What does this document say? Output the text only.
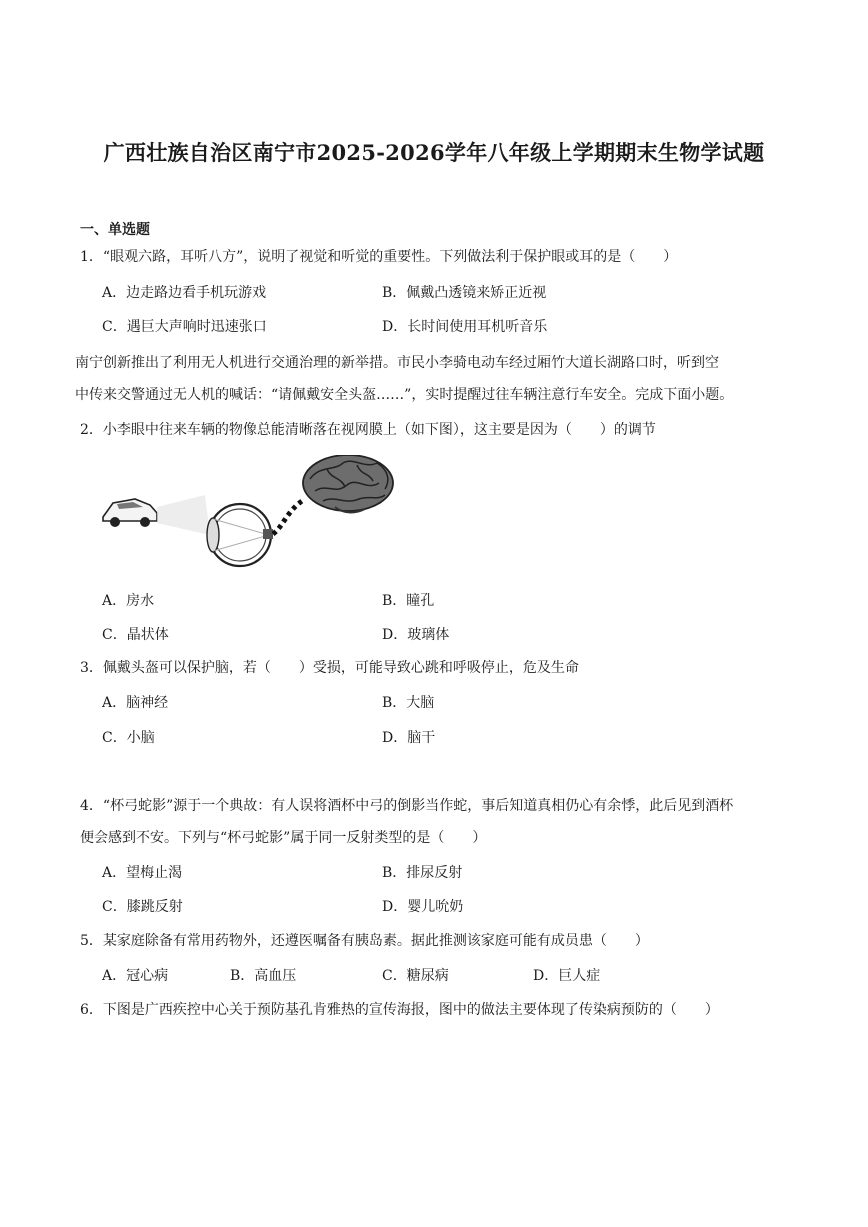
广西壮族自治区南宁市2025-2026学年八年级上学期期末生物学试题
一、单选题
1．“眼观六路，耳听八方”，说明了视觉和听觉的重要性。下列做法利于保护眼或耳的是（　　）
A．边走路边看手机玩游戏	B．佩戴凸透镜来矫正近视
C．遇巨大声响时迅速张口	D．长时间使用耳机听音乐
南宁创新推出了利用无人机进行交通治理的新举措。市民小李骑电动车经过厢竹大道长湖路口时，听到空
中传来交警通过无人机的喊话：“请佩戴安全头盔……”，实时提醒过往车辆注意行车安全。完成下面小题。
2．小李眼中往来车辆的物像总能清晰落在视网膜上（如下图），这主要是因为（　　）的调节
A．房水	B．瞳孔
C．晶状体	D．玻璃体
3．佩戴头盔可以保护脑，若（　　）受损，可能导致心跳和呼吸停止，危及生命
A．脑神经	B．大脑
C．小脑	D．脑干
4．“杯弓蛇影”源于一个典故：有人误将酒杯中弓的倒影当作蛇，事后知道真相仍心有余悸，此后见到酒杯
便会感到不安。下列与“杯弓蛇影”属于同一反射类型的是（　　）
A．望梅止渴	B．排尿反射
C．膝跳反射	D．婴儿吮奶
5．某家庭除备有常用药物外，还遵医嘱备有胰岛素。据此推测该家庭可能有成员患（　　）
A．冠心病	B．高血压	C．糖尿病	D．巨人症
6．下图是广西疾控中心关于预防基孔肯雅热的宣传海报，图中的做法主要体现了传染病预防的（　　）
